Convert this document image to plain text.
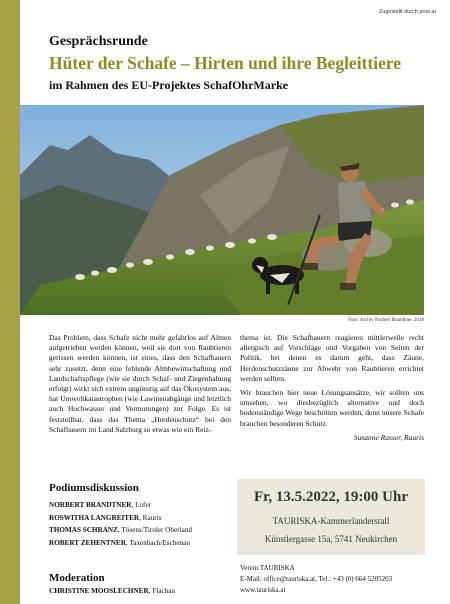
Zugestellt durch post.at
Gesprächsrunde
Hüter der Schafe – Hirten und ihre Begleittiere
im Rahmen des EU-Projektes SchafOhrMarke
Foto: Archiv Norbert Brandtner, 2018

Das Problem, dass Schafe nicht mehr gefahrlos auf Almen aufgetrieben werden können, weil sie dort von Raubtieren gerissen werden können, ist eines, dass den Schafbauern sehr zusetzt, denn eine fehlende Almbewirtschaftung und Landschaftspflege (wie sie durch Schaf- und Ziegenhaltung erfolgt) wirkt sich extrem ungünstig auf das Ökosystem aus, hat Umweltkatastrophen (wie Lawinenabgänge und letztlich auch Hochwasser und Vermurungen) zur Folge. Es ist feststellbar, dass das Thema „Herdenschutz“ bei den Schafbauern im Land Salzburg so etwas wie ein Reiz-

thema ist. Die Schafbauern reagieren mittlerweile recht allergisch auf Vorschläge und Vorgaben von Seiten der Politik, bei denen es darum geht, dass Zäune, Herdenschutzzäune zur Abwehr von Raubtieren errichtet werden sollten.

Wir brauchen hier neue Lösungsansätze, wir sollten uns umsehen, wo diesbezüglich alternative und doch bodenständige Wege beschritten werden, denn unsere Schafe brauchen besonderen Schutz.

Susanne Rasser, Rauris
Podiumsdiskussion
NORBERT BRANDTNER, Lofer
ROSWITHA LANGREITER, Rauris
THOMAS SCHRANZ, Tösens/Tiroler Oberland
ROBERT ZEHENTNER, Taxenbach/Eschenau
Moderation
CHRISTINE MOOSLECHNER, Flachau
Fr, 13.5.2022, 19:00 Uhr
TAURISKA-Kammerlanderstall
Künstlergasse 15a, 5741 Neukirchen
Verein TAURISKA
E-Mail: office@tauriska.at, Tel.: +43 (0) 664 5205203
www.tauriska.at
